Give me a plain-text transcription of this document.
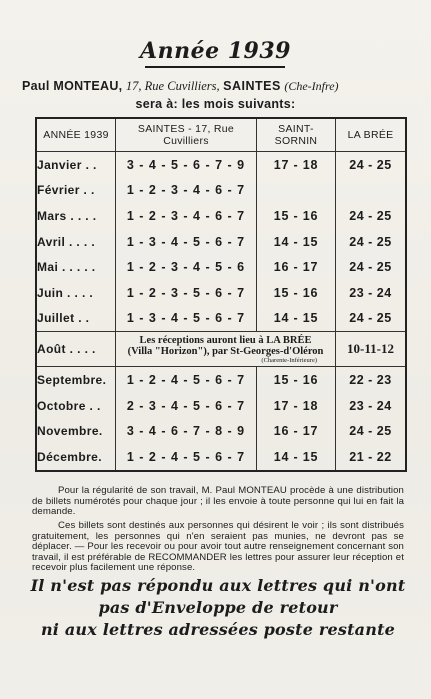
Année 1939
Paul MONTEAU, 17, Rue Cuvilliers, SAINTES (Che-Infre)
sera à: les mois suivants:
ANNÉE 1939	SAINTES - 17, Rue Cuvilliers	SAINT-SORNIN	LA BRÉE
Janvier . .	3 - 4 - 5 - 6 - 7 - 9	17 - 18	24 - 25
Février . .	1 - 2 - 3 - 4 - 6 - 7		
Mars . . . .	1 - 2 - 3 - 4 - 6 - 7	15 - 16	24 - 25
Avril . . . .	1 - 3 - 4 - 5 - 6 - 7	14 - 15	24 - 25
Mai . . . . .	1 - 2 - 3 - 4 - 5 - 6	16 - 17	24 - 25
Juin . . . .	1 - 2 - 3 - 5 - 6 - 7	15 - 16	23 - 24
Juillet . .	1 - 3 - 4 - 5 - 6 - 7	14 - 15	24 - 25
Août . . . .	Les réceptions auront lieu à LA BRÉE
(Villa "Horizon"), par St-Georges-d'Oléron
(Charente-Inférieure)		10-11-12
Septembre.	1 - 2 - 4 - 5 - 6 - 7	15 - 16	22 - 23
Octobre . .	2 - 3 - 4 - 5 - 6 - 7	17 - 18	23 - 24
Novembre.	3 - 4 - 6 - 7 - 8 - 9	16 - 17	24 - 25
Décembre.	1 - 2 - 4 - 5 - 6 - 7	14 - 15	21 - 22
Pour la régularité de son travail, M. Paul MONTEAU procède à une distribution de billets numérotés pour chaque jour ; il les envoie à toute personne qui lui en fait la demande.
Ces billets sont destinés aux personnes qui désirent le voir ; ils sont distribués gratuitement, les personnes qui n'en seraient pas munies, ne devront pas se déplacer. — Pour les recevoir ou pour avoir tout autre renseignement concernant son travail, il est préférable de RECOMMANDER les lettres pour assurer leur réception et recevoir plus facilement une réponse.
Il n'est pas répondu aux lettres qui n'ont
pas d'Enveloppe de retour
ni aux lettres adressées poste restante
